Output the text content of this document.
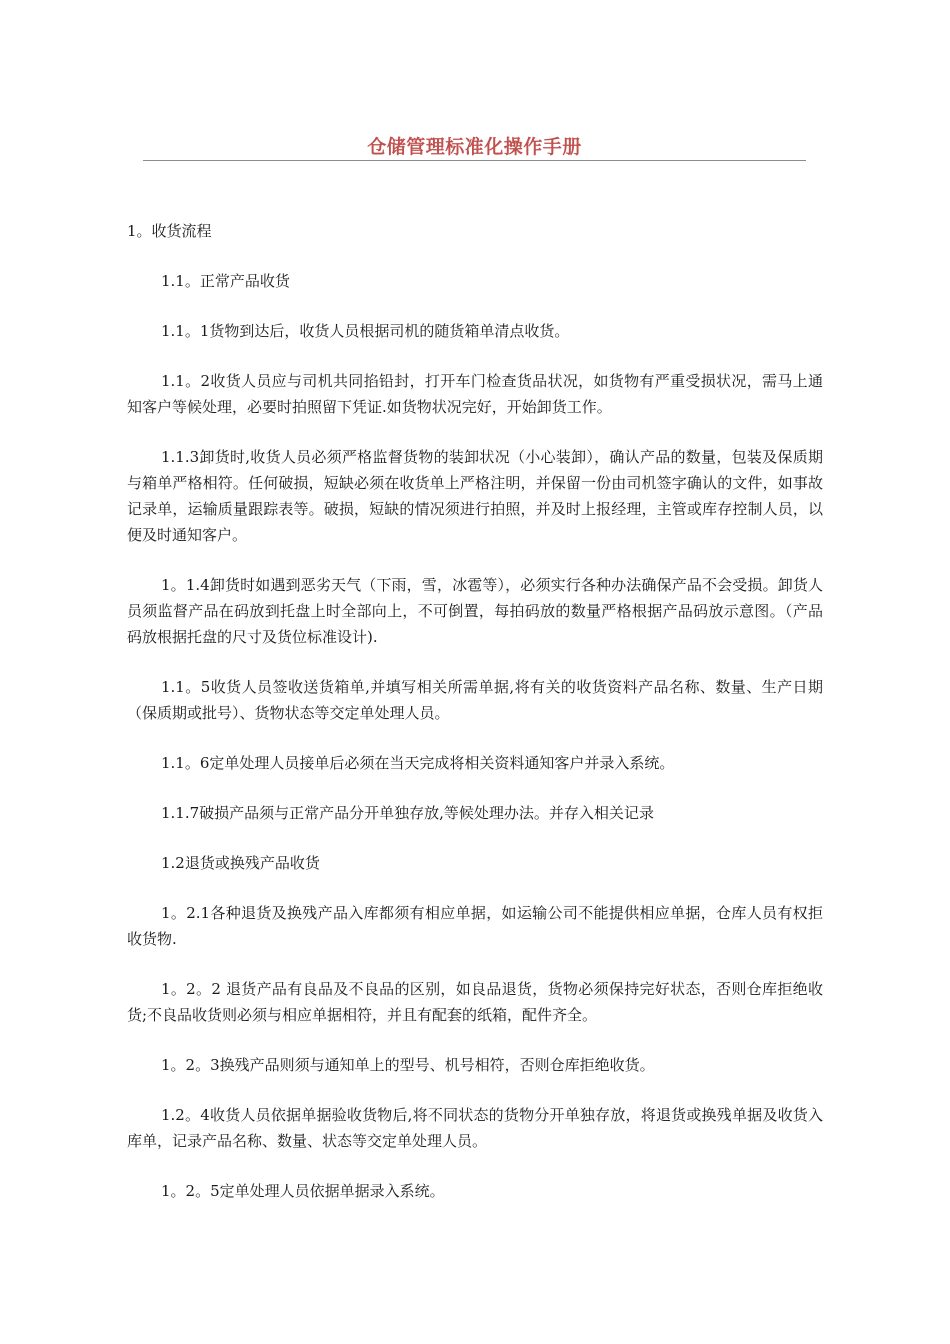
仓储管理标准化操作手册

1。收货流程

1.1。正常产品收货

1.1。1货物到达后，收货人员根据司机的随货箱单清点收货。

1.1。2收货人员应与司机共同掐铅封，打开车门检查货品状况，如货物有严重受损状况，需马上通知客户等候处理，必要时拍照留下凭证.如货物状况完好，开始卸货工作。

1.1.3卸货时,收货人员必须严格监督货物的装卸状况（小心装卸），确认产品的数量，包装及保质期与箱单严格相符。任何破损，短缺必须在收货单上严格注明，并保留一份由司机签字确认的文件，如事故记录单，运输质量跟踪表等。破损，短缺的情况须进行拍照，并及时上报经理，主管或库存控制人员，以便及时通知客户。

1。1.4卸货时如遇到恶劣天气（下雨，雪，冰雹等），必须实行各种办法确保产品不会受损。卸货人员须监督产品在码放到托盘上时全部向上，不可倒置，每拍码放的数量严格根据产品码放示意图。（产品码放根据托盘的尺寸及货位标准设计).

1.1。5收货人员签收送货箱单,并填写相关所需单据,将有关的收货资料产品名称、数量、生产日期（保质期或批号）、货物状态等交定单处理人员。

1.1。6定单处理人员接单后必须在当天完成将相关资料通知客户并录入系统。

1.1.7破损产品须与正常产品分开单独存放,等候处理办法。并存入相关记录

1.2退货或换残产品收货

1。2.1各种退货及换残产品入库都须有相应单据，如运输公司不能提供相应单据，仓库人员有权拒收货物.

1。2。2 退货产品有良品及不良品的区别，如良品退货，货物必须保持完好状态，否则仓库拒绝收货;不良品收货则必须与相应单据相符，并且有配套的纸箱，配件齐全。

1。2。3换残产品则须与通知单上的型号、机号相符，否则仓库拒绝收货。

1.2。4收货人员依据单据验收货物后,将不同状态的货物分开单独存放，将退货或换残单据及收货入库单，记录产品名称、数量、状态等交定单处理人员。

1。2。5定单处理人员依据单据录入系统。
